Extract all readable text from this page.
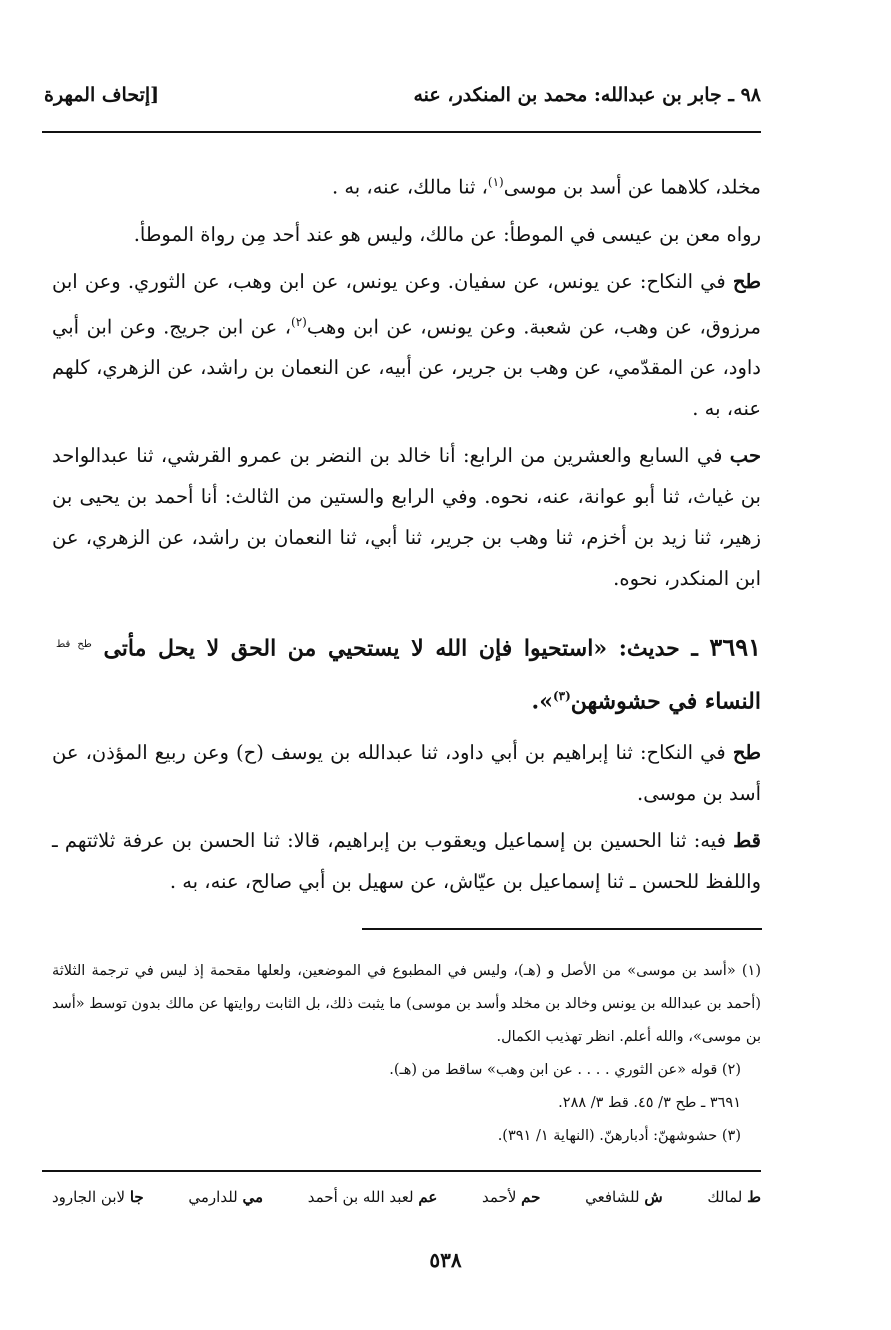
٩٨ ـ جابر بن عبدالله: محمد بن المنكدر، عنه
[إتحاف المهرة

مخلد، كلاهما عن أسد بن موسى$^{(١)}$، ثنا مالك، عنه، به .

رواه معن بن عيسى في الموطأ: عن مالك، وليس هو عند أحد مِن رواة الموطأ.

طح في النكاح: عن يونس، عن سفيان. وعن يونس، عن ابن وهب، عن الثوري. وعن ابن مرزوق، عن وهب، عن شعبة. وعن يونس، عن ابن وهب$^{(٢)}$، عن ابن جريج. وعن ابن أبي داود، عن المقدّمي، عن وهب بن جرير، عن أبيه، عن النعمان بن راشد، عن الزهري، كلهم عنه، به .

حب في السابع والعشرين من الرابع: أنا خالد بن النضر بن عمرو القرشي، ثنا عبدالواحد بن غياث، ثنا أبو عوانة، عنه، نحوه. وفي الرابع والستين من الثالث: أنا أحمد بن يحيى بن زهير، ثنا زيد بن أخزم، ثنا وهب بن جرير، ثنا أبي، ثنا النعمان بن راشد، عن الزهري، عن ابن المنكدر، نحوه.

٣٦٩١ ـ حديث: «استحيوا فإن الله لا يستحيي من الحق لا يحل مأتى $^{طح قط}$ النساء في حشوشهن$^{(٣)}$».

طح في النكاح: ثنا إبراهيم بن أبي داود، ثنا عبدالله بن يوسف (ح) وعن ربيع المؤذن، عن أسد بن موسى.

قط فيه: ثنا الحسين بن إسماعيل ويعقوب بن إبراهيم، قالا: ثنا الحسن بن عرفة ثلاثتهم ـ واللفظ للحسن ـ ثنا إسماعيل بن عيّاش، عن سهيل بن أبي صالح، عنه، به .

(١) «أسد بن موسى» من الأصل و (هـ)، وليس في المطبوع في الموضعين، ولعلها مقحمة إذ ليس في ترجمة الثلاثة (أحمد بن عبدالله بن يونس وخالد بن مخلد وأسد بن موسى) ما يثبت ذلك، بل الثابت روايتها عن مالك بدون توسط «أسد بن موسى»، والله أعلم. انظر تهذيب الكمال.

(٢) قوله «عن الثوري . . . . عن ابن وهب» ساقط من (هـ).

٣٦٩١ ـ طح ٣/ ٤٥. قط ٣/ ٢٨٨.

(٣) حشوشهنّ: أدبارهنّ. (النهاية ١/ ٣٩١).

ط لمالك
ش للشافعي
حم لأحمد
عم لعبد الله بن أحمد
مي للدارمي
جا لابن الجارود
٥٣٨
